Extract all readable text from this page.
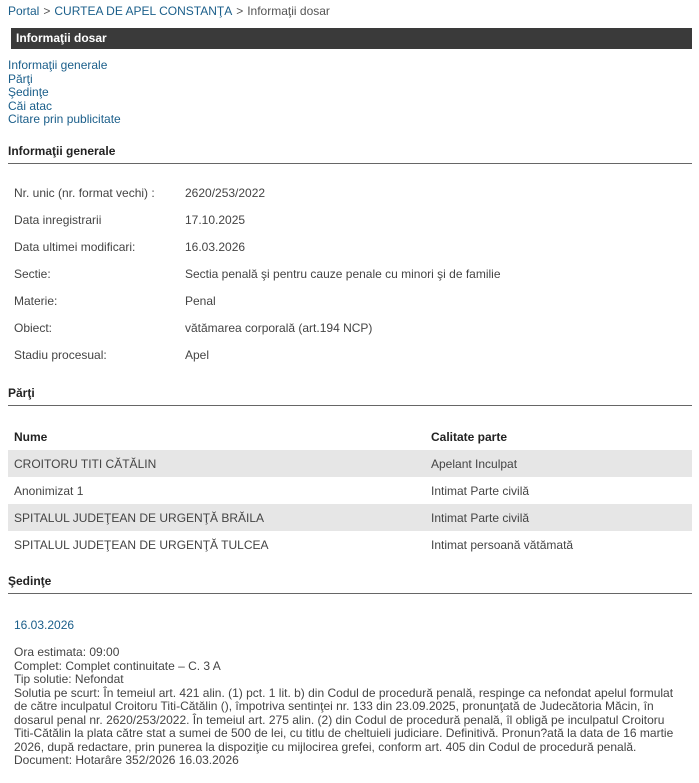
Portal > CURTEA DE APEL CONSTANŢA > Informaţii dosar
Informaţii dosar
Informaţii generale
Părţi
Şedinţe
Căi atac
Citare prin publicitate
Informaţii generale
Nr. unic (nr. format vechi) :	2620/253/2022
Data inregistrarii	17.10.2025
Data ultimei modificari:	16.03.2026
Sectie:	Sectia penală şi pentru cauze penale cu minori şi de familie
Materie:	Penal
Obiect:	vătămarea corporală (art.194 NCP)
Stadiu procesual:	Apel
Părţi
Nume	Calitate parte
CROITORU TITI CĂTĂLIN	Apelant Inculpat
Anonimizat 1	Intimat Parte civilă
SPITALUL JUDEŢEAN DE URGENŢĂ BRĂILA	Intimat Parte civilă
SPITALUL JUDEŢEAN DE URGENŢĂ TULCEA	Intimat persoană vătămată
Şedinţe
16.03.2026
Ora estimata: 09:00
Complet: Complet continuitate – C. 3 A
Tip solutie: Nefondat
Solutia pe scurt: În temeiul art. 421 alin. (1) pct. 1 lit. b) din Codul de procedură penală, respinge ca nefondat apelul formulat
de către inculpatul Croitoru Titi-Cătălin (), împotriva sentinţei nr. 133 din 23.09.2025, pronunţată de Judecătoria Măcin, în
dosarul penal nr. 2620/253/2022. În temeiul art. 275 alin. (2) din Codul de procedură penală, îl obligă pe inculpatul Croitoru
Titi-Cătălin la plata către stat a sumei de 500 de lei, cu titlu de cheltuieli judiciare. Definitivă. Pronun?ată la data de 16 martie
2026, după redactare, prin punerea la dispoziţie cu mijlocirea grefei, conform art. 405 din Codul de procedură penală.
Document: Hotarâre 352/2026 16.03.2026
